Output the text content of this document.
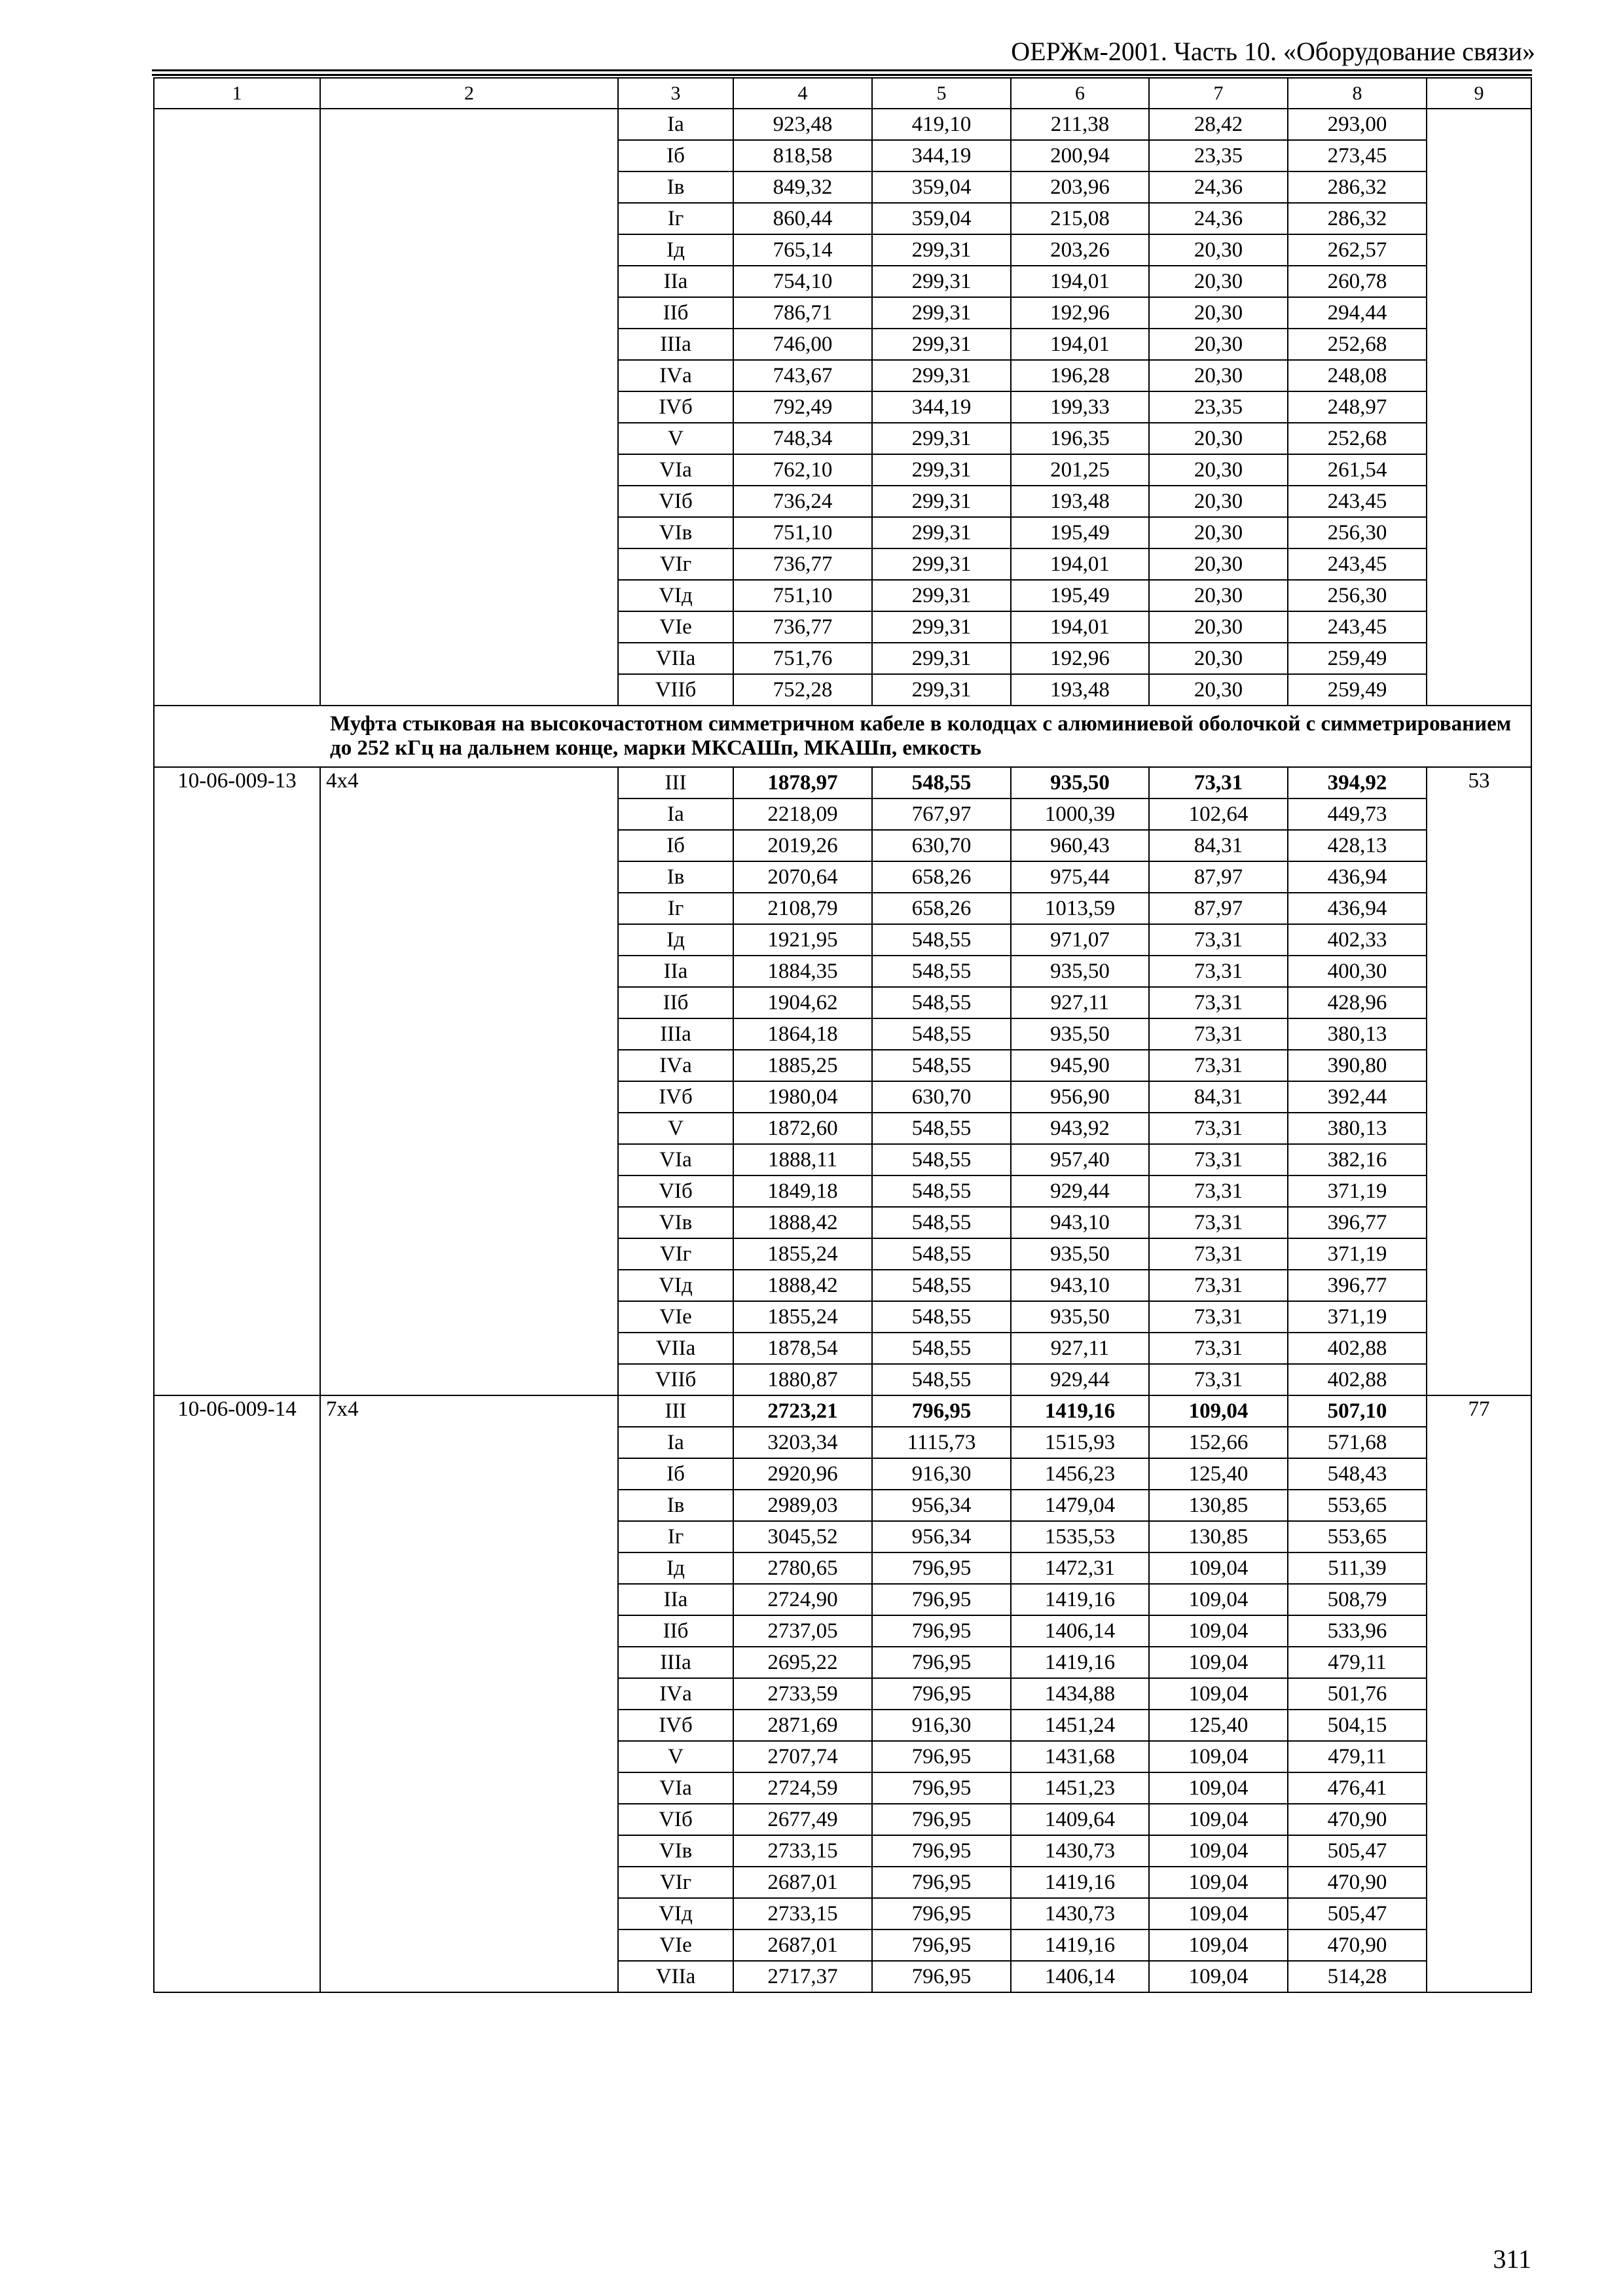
ОЕРЖм-2001. Часть 10. «Оборудование связи»
1	2	3	4	5	6	7	8	9
		Iа	923,48	419,10	211,38	28,42	293,00	
		Iб	818,58	344,19	200,94	23,35	273,45	
		Iв	849,32	359,04	203,96	24,36	286,32	
		Iг	860,44	359,04	215,08	24,36	286,32	
		Iд	765,14	299,31	203,26	20,30	262,57	
		IIа	754,10	299,31	194,01	20,30	260,78	
		IIб	786,71	299,31	192,96	20,30	294,44	
		IIIа	746,00	299,31	194,01	20,30	252,68	
		IVа	743,67	299,31	196,28	20,30	248,08	
		IVб	792,49	344,19	199,33	23,35	248,97	
		V	748,34	299,31	196,35	20,30	252,68	
		VIа	762,10	299,31	201,25	20,30	261,54	
		VIб	736,24	299,31	193,48	20,30	243,45	
		VIв	751,10	299,31	195,49	20,30	256,30	
		VIг	736,77	299,31	194,01	20,30	243,45	
		VIд	751,10	299,31	195,49	20,30	256,30	
		VIе	736,77	299,31	194,01	20,30	243,45	
		VIIа	751,76	299,31	192,96	20,30	259,49	
		VIIб	752,28	299,31	193,48	20,30	259,49	
Муфта стыковая на высокочастотном симметричном кабеле в колодцах с алюминиевой оболочкой с симметрированием до 252 кГц на дальнем конце, марки МКСАШп, МКАШп, емкость								
10-06-009-13	4х4	III	1878,97	548,55	935,50	73,31	394,92	53
		Iа	2218,09	767,97	1000,39	102,64	449,73	
		Iб	2019,26	630,70	960,43	84,31	428,13	
		Iв	2070,64	658,26	975,44	87,97	436,94	
		Iг	2108,79	658,26	1013,59	87,97	436,94	
		Iд	1921,95	548,55	971,07	73,31	402,33	
		IIа	1884,35	548,55	935,50	73,31	400,30	
		IIб	1904,62	548,55	927,11	73,31	428,96	
		IIIа	1864,18	548,55	935,50	73,31	380,13	
		IVа	1885,25	548,55	945,90	73,31	390,80	
		IVб	1980,04	630,70	956,90	84,31	392,44	
		V	1872,60	548,55	943,92	73,31	380,13	
		VIа	1888,11	548,55	957,40	73,31	382,16	
		VIб	1849,18	548,55	929,44	73,31	371,19	
		VIв	1888,42	548,55	943,10	73,31	396,77	
		VIг	1855,24	548,55	935,50	73,31	371,19	
		VIд	1888,42	548,55	943,10	73,31	396,77	
		VIе	1855,24	548,55	935,50	73,31	371,19	
		VIIа	1878,54	548,55	927,11	73,31	402,88	
		VIIб	1880,87	548,55	929,44	73,31	402,88	
10-06-009-14	7х4	III	2723,21	796,95	1419,16	109,04	507,10	77
		Iа	3203,34	1115,73	1515,93	152,66	571,68	
		Iб	2920,96	916,30	1456,23	125,40	548,43	
		Iв	2989,03	956,34	1479,04	130,85	553,65	
		Iг	3045,52	956,34	1535,53	130,85	553,65	
		Iд	2780,65	796,95	1472,31	109,04	511,39	
		IIа	2724,90	796,95	1419,16	109,04	508,79	
		IIб	2737,05	796,95	1406,14	109,04	533,96	
		IIIа	2695,22	796,95	1419,16	109,04	479,11	
		IVа	2733,59	796,95	1434,88	109,04	501,76	
		IVб	2871,69	916,30	1451,24	125,40	504,15	
		V	2707,74	796,95	1431,68	109,04	479,11	
		VIа	2724,59	796,95	1451,23	109,04	476,41	
		VIб	2677,49	796,95	1409,64	109,04	470,90	
		VIв	2733,15	796,95	1430,73	109,04	505,47	
		VIг	2687,01	796,95	1419,16	109,04	470,90	
		VIд	2733,15	796,95	1430,73	109,04	505,47	
		VIе	2687,01	796,95	1419,16	109,04	470,90	
		VIIа	2717,37	796,95	1406,14	109,04	514,28	
311
